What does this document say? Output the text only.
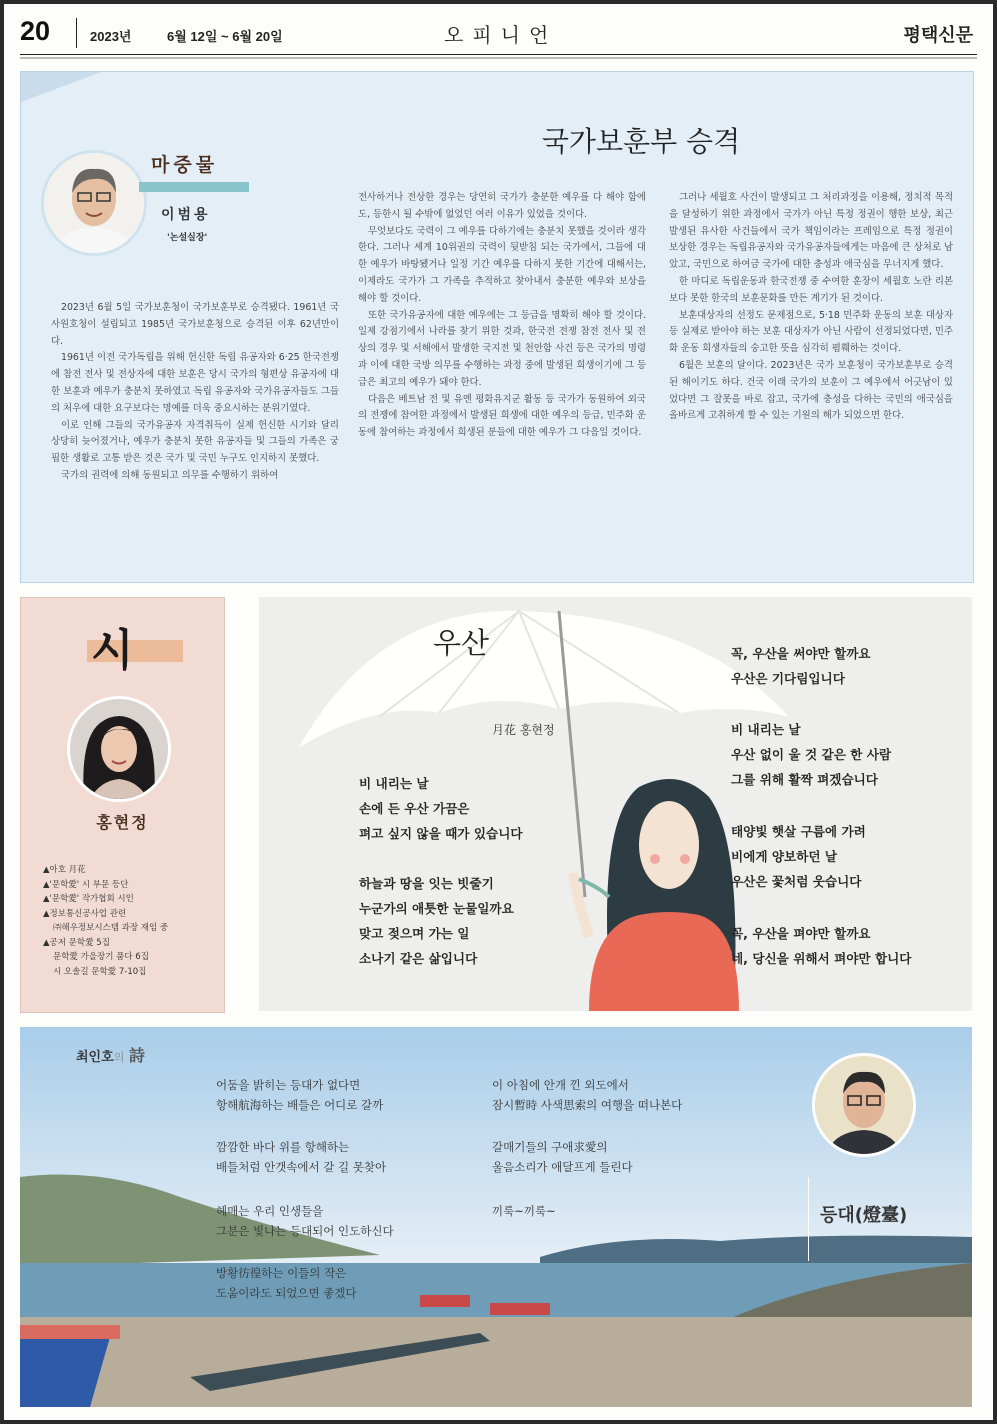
20	2023년	6월 12일 ~ 6월 20일	오피니언	평택신문
국가보훈부 승격
마중물
이범용
'논설실장'

2023년 6월 5일 국가보훈청이 국가보훈부로 승격됐다. 1961년 국사원호청이 설립되고 1985년 국가보훈청으로 승격된 이후 62년만이다.

1961년 이전 국가독립을 위해 헌신한 독립 유공자와 6·25 한국전쟁에 참전 전사 및 전상자에 대한 보훈은 당시 국가의 형편상 유공자에 대한 보훈과 예우가 충분치 못하였고 독립 유공자와 국가유공자들도 그들의 처우에 대한 요구보다는 명예를 더욱 중요시하는 분위기였다.

이로 인해 그들의 국가유공자 자격취득이 실제 헌신한 시기와 달리 상당히 늦어졌거나, 예우가 충분치 못한 유공자들 및 그들의 가족은 궁핍한 생활로 고통 받은 것은 국가 및 국민 누구도 인지하지 못했다.

국가의 권력에 의해 동원되고 의무를 수행하기 위하여

전사하거나 전상한 경우는 당연히 국가가 충분한 예우를 다 해야 함에도, 등한시 될 수밖에 없었던 여러 이유가 있었을 것이다.

무엇보다도 국력이 그 예우를 다하기에는 충분치 못했을 것이라 생각한다. 그러나 세계 10위권의 국력이 뒷받침 되는 국가에서, 그들에 대한 예우가 바탕됐거나 일정 기간 예우를 다하지 못한 기간에 대해서는, 이제라도 국가가 그 가족을 추적하고 찾아내서 충분한 예우와 보상을 해야 할 것이다.

또한 국가유공자에 대한 예우에는 그 등급을 명확히 해야 할 것이다. 일제 강점기에서 나라를 찾기 위한 것과, 한국전 전쟁 참전 전사 및 전상의 경우 및 서해에서 발생한 국지전 및 천안함 사건 등은 국가의 명령과 이에 대한 국방 의무를 수행하는 과정 중에 발생된 희생이기에 그 등급은 최고의 예우가 돼야 한다.

다음은 베트남 전 및 유엔 평화유지군 활동 등 국가가 동원하여 외국의 전쟁에 참여한 과정에서 발생된 희생에 대한 예우의 등급, 민주화 운동에 참여하는 과정에서 희생된 분들에 대한 예우가 그 다음일 것이다.

그러나 세월호 사건이 발생되고 그 처리과정을 이용해, 정치적 목적을 달성하기 위한 과정에서 국가가 아닌 특정 정권이 행한 보상, 최근 발생된 유사한 사건들에서 국가 책임이라는 프레임으로 특정 정권이 보상한 경우는 독립유공자와 국가유공자들에게는 마음에 큰 상처로 남았고, 국민으로 하여금 국가에 대한 충성과 애국심을 무너지게 했다.

한 마디로 독립운동과 한국전쟁 중 수여한 훈장이 세월호 노란 리본보다 못한 한국의 보훈문화를 만든 계기가 된 것이다.

보훈대상자의 선정도 문제점으로, 5·18 민주화 운동의 보훈 대상자 등 실제로 받아야 하는 보훈 대상자가 아닌 사람이 선정되었다면, 민주화 운동 희생자들의 숭고한 뜻을 심각히 폄훼하는 것이다.

6월은 보훈의 달이다. 2023년은 국가 보훈청이 국가보훈부로 승격된 해이기도 하다. 건국 이래 국가의 보훈이 그 예우에서 어긋남이 있었다면 그 잘못을 바로 잡고, 국가에 충성을 다하는 국민의 애국심을 올바르게 고취하게 할 수 있는 기원의 해가 되었으면 한다.

시
홍현정
▲아호 月花
▲'문학愛' 시 부문 등단
▲'문학愛' 작가협회 시인
▲정보통신공사업 관련
㈜해우정보시스템 과장 재임 중
▲공저 문학愛 5집
문학愛 가을장기 품다 6집
시 오솔길 문학愛 7-10집
우산
月花 홍현정
비 내리는 날
손에 든 우산 가끔은
펴고 싶지 않을 때가 있습니다
하늘과 땅을 잇는 빗줄기
누군가의 애틋한 눈물일까요
맞고 젖으며 가는 일
소나기 같은 삶입니다
꼭, 우산을 써야만 할까요
우산은 기다림입니다
비 내리는 날
우산 없이 울 것 같은 한 사람
그를 위해 활짝 펴겠습니다
태양빛 햇살 구름에 가려
비에게 양보하던 날
우산은 꽃처럼 웃습니다
꼭, 우산을 펴야만 할까요
네, 당신을 위해서 펴야만 합니다
최인호의 詩
어둠을 밝히는 등대가 없다면
항해航海하는 배들은 어디로 갈까
깜깜한 바다 위를 항해하는
배들처럼 안갯속에서 갈 길 못찾아
헤매는 우리 인생들을
그분은 빛나는 등대되어 인도하신다
방황彷徨하는 이들의 작은
도움이라도 되었으면 좋겠다
이 아침에 안개 낀 외도에서
잠시暫時 사색思索의 여행을 떠나본다
갈매기들의 구애求愛의
울음소리가 애달프게 들린다
끼룩~끼룩~	등대(燈臺)
